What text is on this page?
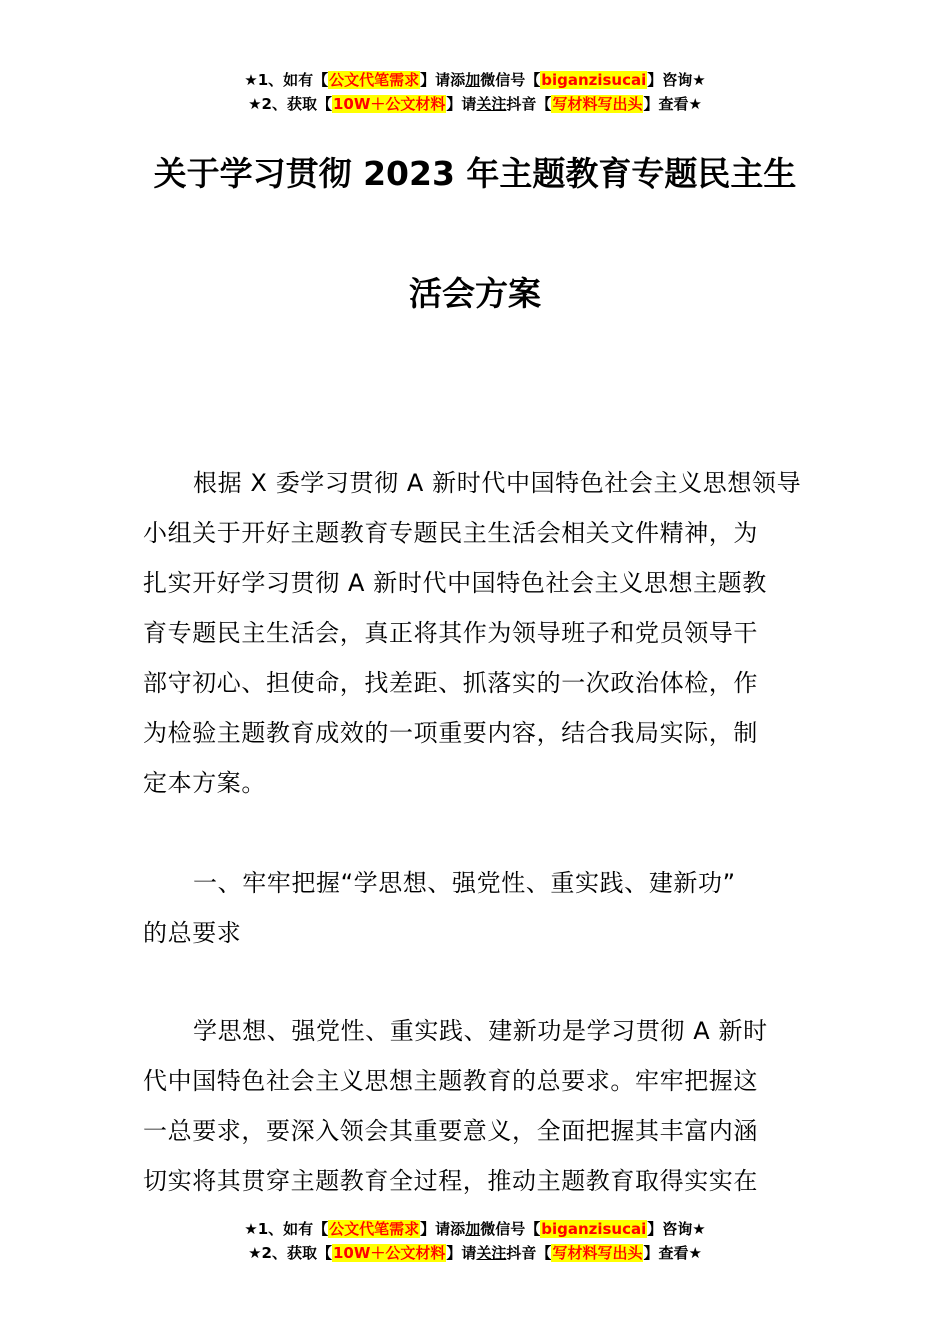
★1、如有【公文代笔需求】请添加微信号【biganzisucai】咨询★
★2、获取【10W＋公文材料】请关注抖音【写材料写出头】查看★
关于学习贯彻 2023 年主题教育专题民主生
活会方案
根据 X 委学习贯彻 A 新时代中国特色社会主义思想领导
小组关于开好主题教育专题民主生活会相关文件精神，为
扎实开好学习贯彻 A 新时代中国特色社会主义思想主题教
育专题民主生活会，真正将其作为领导班子和党员领导干
部守初心、担使命，找差距、抓落实的一次政治体检，作
为检验主题教育成效的一项重要内容，结合我局实际，制
定本方案。
一、牢牢把握“学思想、强党性、重实践、建新功”
的总要求
学思想、强党性、重实践、建新功是学习贯彻 A 新时
代中国特色社会主义思想主题教育的总要求。牢牢把握这
一总要求，要深入领会其重要意义，全面把握其丰富内涵
切实将其贯穿主题教育全过程，推动主题教育取得实实在
★1、如有【公文代笔需求】请添加微信号【biganzisucai】咨询★
★2、获取【10W＋公文材料】请关注抖音【写材料写出头】查看★
